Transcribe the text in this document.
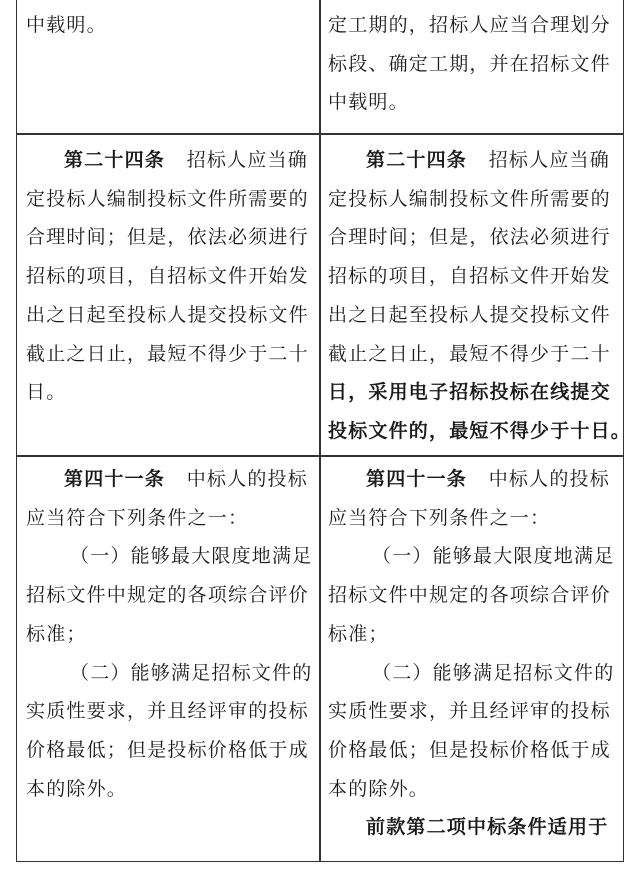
中载明。	定工期的，招标人应当合理划分

标段、确定工期，并在招标文件

中载明。

第二十四条 招标人应当确

定投标人编制投标文件所需要的

合理时间；但是，依法必须进行

招标的项目，自招标文件开始发

出之日起至投标人提交投标文件

截止之日止，最短不得少于二十

日。

第二十四条 招标人应当确

定投标人编制投标文件所需要的

合理时间；但是，依法必须进行

招标的项目，自招标文件开始发

出之日起至投标人提交投标文件

截止之日止，最短不得少于二十

日，采用电子招标投标在线提交

投标文件的，最短不得少于十日。

第四十一条 中标人的投标

应当符合下列条件之一：

（一）能够最大限度地满足

招标文件中规定的各项综合评价

标准；

（二）能够满足招标文件的

实质性要求，并且经评审的投标

价格最低；但是投标价格低于成

本的除外。

第四十一条 中标人的投标

应当符合下列条件之一：

（一）能够最大限度地满足

招标文件中规定的各项综合评价

标准；

（二）能够满足招标文件的

实质性要求，并且经评审的投标

价格最低；但是投标价格低于成

本的除外。

前款第二项中标条件适用于
